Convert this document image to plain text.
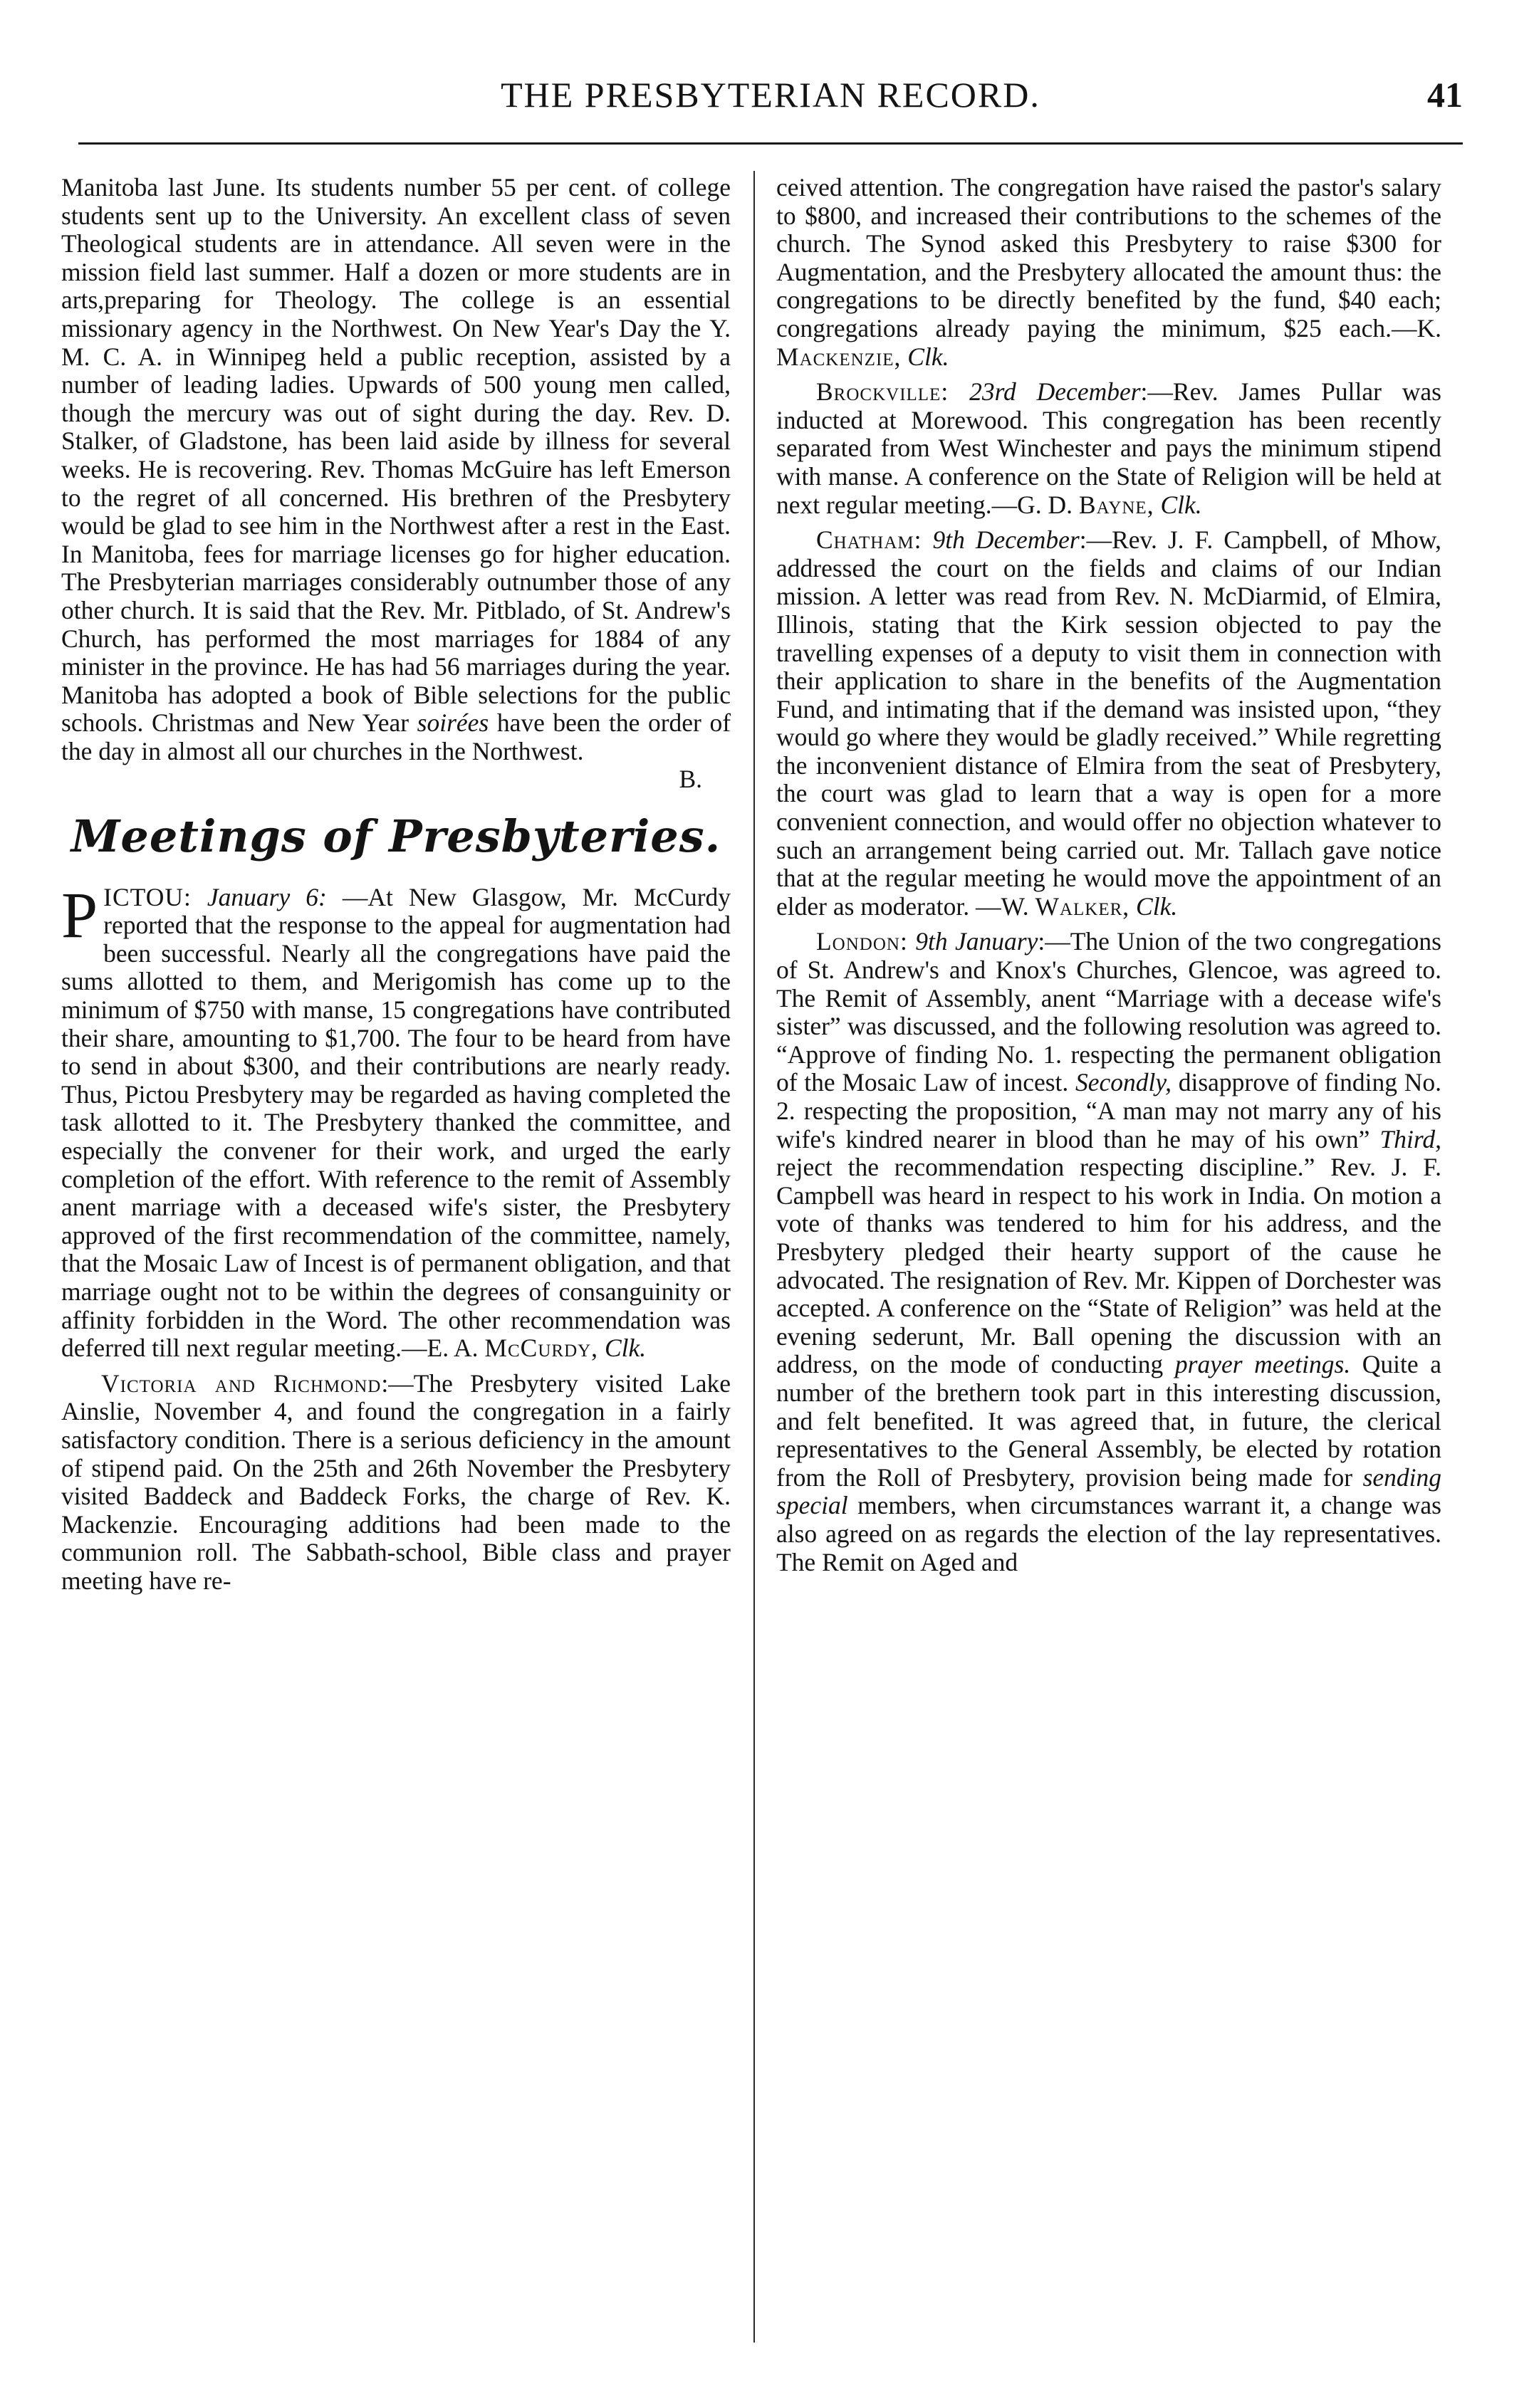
THE PRESBYTERIAN RECORD.	41

Manitoba last June. Its students number 55 per cent. of college students sent up to the University. An excellent class of seven Theological students are in attendance. All seven were in the mission field last summer. Half a dozen or more students are in arts,preparing for Theology. The college is an essential missionary agency in the Northwest. On New Year's Day the Y. M. C. A. in Winnipeg held a public reception, assisted by a number of leading ladies. Upwards of 500 young men called, though the mercury was out of sight during the day. Rev. D. Stalker, of Gladstone, has been laid aside by illness for several weeks. He is recovering. Rev. Thomas McGuire has left Emerson to the regret of all concerned. His brethren of the Presbytery would be glad to see him in the Northwest after a rest in the East. In Manitoba, fees for marriage licenses go for higher education. The Presbyterian marriages considerably outnumber those of any other church. It is said that the Rev. Mr. Pitblado, of St. Andrew's Church, has performed the most marriages for 1884 of any minister in the province. He has had 56 marriages during the year. Manitoba has adopted a book of Bible selections for the public schools. Christmas and New Year soirées have been the order of the day in almost all our churches in the Northwest.
B.

Meetings of Presbyteries.

P ICTOU: January 6: —At New Glasgow, Mr. McCurdy reported that the response to the appeal for augmentation had been successful. Nearly all the congregations have paid the sums allotted to them, and Merigomish has come up to the minimum of $750 with manse, 15 congregations have contributed their share, amounting to $1,700. The four to be heard from have to send in about $300, and their contributions are nearly ready. Thus, Pictou Presbytery may be regarded as having completed the task allotted to it. The Presbytery thanked the committee, and especially the convener for their work, and urged the early completion of the effort. With reference to the remit of Assembly anent marriage with a deceased wife's sister, the Presbytery approved of the first recommendation of the committee, namely, that the Mosaic Law of Incest is of permanent obligation, and that marriage ought not to be within the degrees of consanguinity or affinity forbidden in the Word. The other recommendation was deferred till next regular meeting.—E. A. McCurdy, Clk.

Victoria and Richmond:—The Presbytery visited Lake Ainslie, November 4, and found the congregation in a fairly satisfactory condition. There is a serious deficiency in the amount of stipend paid. On the 25th and 26th November the Presbytery visited Baddeck and Baddeck Forks, the charge of Rev. K. Mackenzie. Encouraging additions had been made to the communion roll. The Sabbath-school, Bible class and prayer meeting have re-

ceived attention. The congregation have raised the pastor's salary to $800, and increased their contributions to the schemes of the church. The Synod asked this Presbytery to raise $300 for Augmentation, and the Presbytery allocated the amount thus: the congregations to be directly benefited by the fund, $40 each; congregations already paying the minimum, $25 each.—K. Mackenzie, Clk.

Brockville: 23rd December:—Rev. James Pullar was inducted at Morewood. This congregation has been recently separated from West Winchester and pays the minimum stipend with manse. A conference on the State of Religion will be held at next regular meeting.—G. D. Bayne, Clk.

Chatham: 9th December:—Rev. J. F. Campbell, of Mhow, addressed the court on the fields and claims of our Indian mission. A letter was read from Rev. N. McDiarmid, of Elmira, Illinois, stating that the Kirk session objected to pay the travelling expenses of a deputy to visit them in connection with their application to share in the benefits of the Augmentation Fund, and intimating that if the demand was insisted upon, “they would go where they would be gladly received.” While regretting the inconvenient distance of Elmira from the seat of Presbytery, the court was glad to learn that a way is open for a more convenient connection, and would offer no objection whatever to such an arrangement being carried out. Mr. Tallach gave notice that at the regular meeting he would move the appointment of an elder as moderator. —W. Walker, Clk.

London: 9th January:—The Union of the two congregations of St. Andrew's and Knox's Churches, Glencoe, was agreed to. The Remit of Assembly, anent “Marriage with a decease wife's sister” was discussed, and the following resolution was agreed to. “Approve of finding No. 1. respecting the permanent obligation of the Mosaic Law of incest. Secondly, disapprove of finding No. 2. respecting the proposition, “A man may not marry any of his wife's kindred nearer in blood than he may of his own” Third, reject the recommendation respecting discipline.” Rev. J. F. Campbell was heard in respect to his work in India. On motion a vote of thanks was tendered to him for his address, and the Presbytery pledged their hearty support of the cause he advocated. The resignation of Rev. Mr. Kippen of Dorchester was accepted. A conference on the “State of Religion” was held at the evening sederunt, Mr. Ball opening the discussion with an address, on the mode of conducting prayer meetings. Quite a number of the brethern took part in this interesting discussion, and felt benefited. It was agreed that, in future, the clerical representatives to the General Assembly, be elected by rotation from the Roll of Presbytery, provision being made for sending special members, when circumstances warrant it, a change was also agreed on as regards the election of the lay representatives. The Remit on Aged and
